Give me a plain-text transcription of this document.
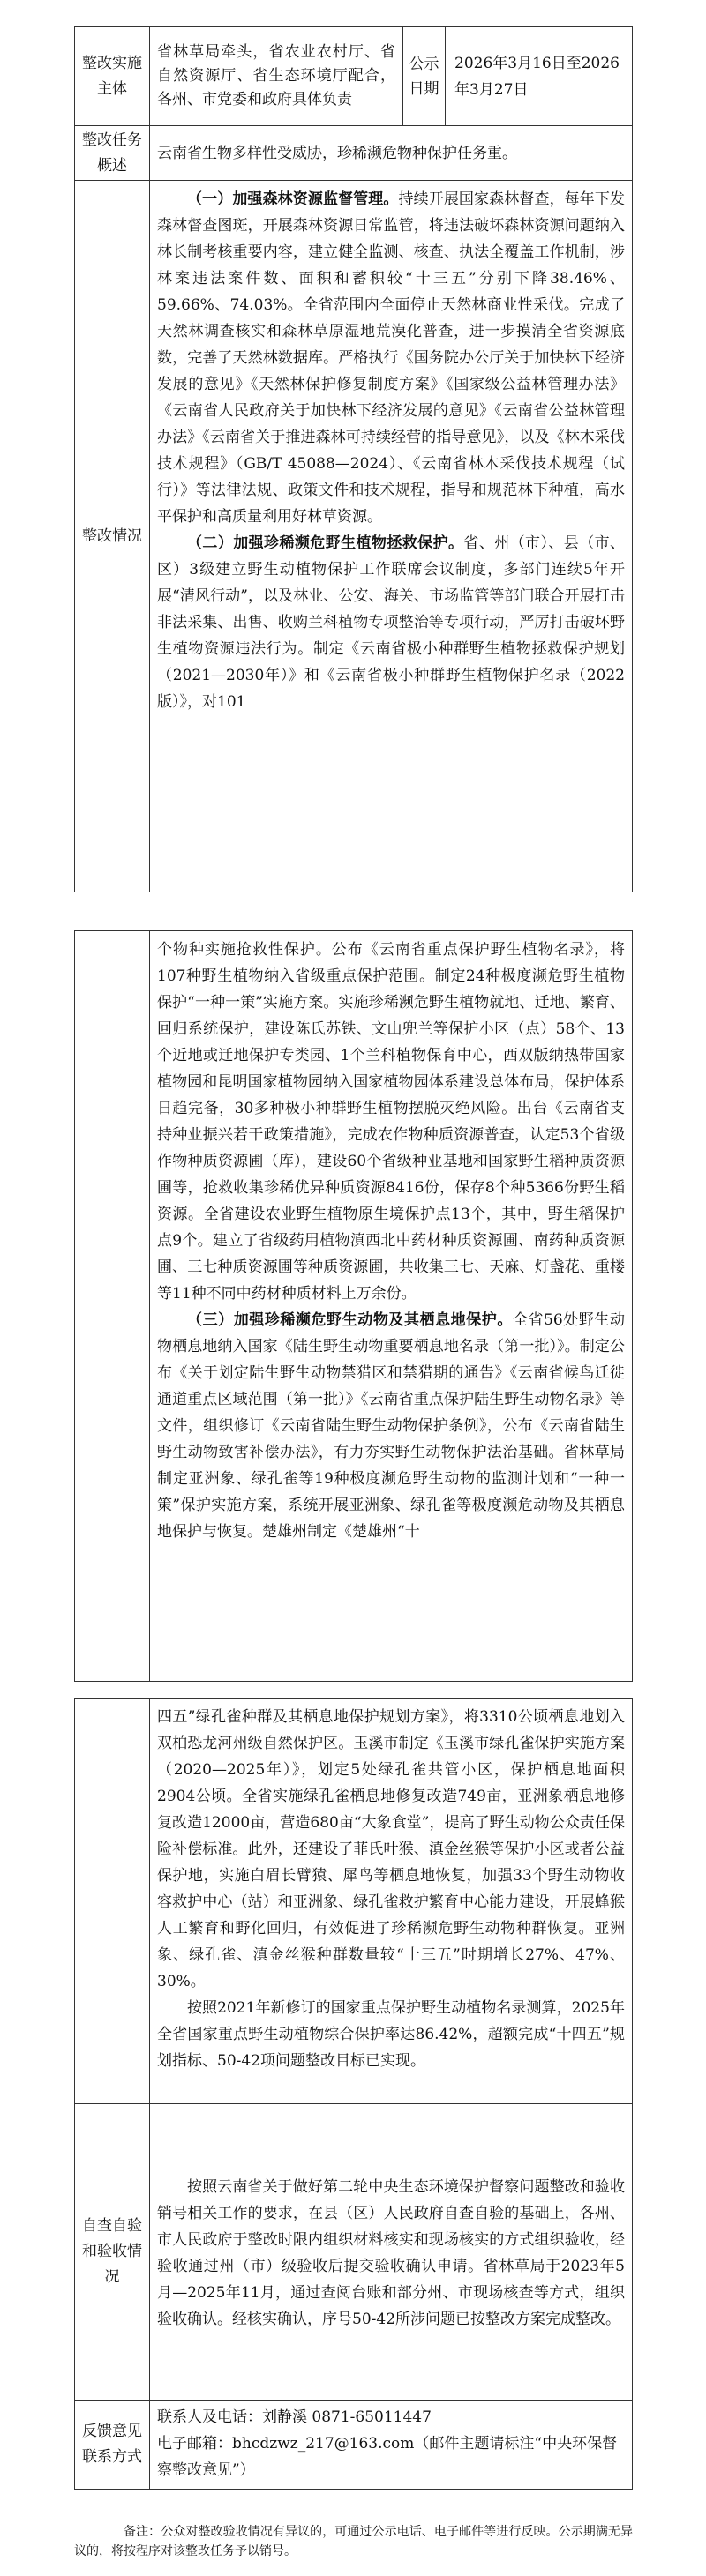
整改实施主体
省林草局牵头，省农业农村厅、省自然资源厅、省生态环境厅配合，各州、市党委和政府具体负责
公示日期
2026年3月16日至2026年3月27日
整改任务概述
云南省生物多样性受威胁，珍稀濒危物种保护任务重。
整改情况

（一）加强森林资源监督管理。持续开展国家森林督查，每年下发森林督查图斑，开展森林资源日常监管，将违法破坏森林资源问题纳入林长制考核重要内容，建立健全监测、核查、执法全覆盖工作机制，涉林案违法案件数、面积和蓄积较“十三五”分别下降38.46%、59.66%、74.03%。全省范围内全面停止天然林商业性采伐。完成了天然林调查核实和森林草原湿地荒漠化普查，进一步摸清全省资源底数，完善了天然林数据库。严格执行《国务院办公厅关于加快林下经济发展的意见》《天然林保护修复制度方案》《国家级公益林管理办法》《云南省人民政府关于加快林下经济发展的意见》《云南省公益林管理办法》《云南省关于推进森林可持续经营的指导意见》，以及《林木采伐技术规程》（GB/T 45088—2024）、《云南省林木采伐技术规程（试行）》等法律法规、政策文件和技术规程，指导和规范林下种植，高水平保护和高质量利用好林草资源。

（二）加强珍稀濒危野生植物拯救保护。省、州（市）、县（市、区）3级建立野生动植物保护工作联席会议制度，多部门连续5年开展“清风行动”，以及林业、公安、海关、市场监管等部门联合开展打击非法采集、出售、收购兰科植物专项整治等专项行动，严厉打击破坏野生植物资源违法行为。制定《云南省极小种群野生植物拯救保护规划（2021—2030年）》和《云南省极小种群野生植物保护名录（2022版）》，对101

个物种实施抢救性保护。公布《云南省重点保护野生植物名录》，将107种野生植物纳入省级重点保护范围。制定24种极度濒危野生植物保护“一种一策”实施方案。实施珍稀濒危野生植物就地、迁地、繁育、回归系统保护，建设陈氏苏铁、文山兜兰等保护小区（点）58个、13个近地或迁地保护专类园、1个兰科植物保育中心，西双版纳热带国家植物园和昆明国家植物园纳入国家植物园体系建设总体布局，保护体系日趋完备，30多种极小种群野生植物摆脱灭绝风险。出台《云南省支持种业振兴若干政策措施》，完成农作物种质资源普查，认定53个省级作物种质资源圃（库），建设60个省级种业基地和国家野生稻种质资源圃等，抢救收集珍稀优异种质资源8416份，保存8个种5366份野生稻资源。全省建设农业野生植物原生境保护点13个，其中，野生稻保护点9个。建立了省级药用植物滇西北中药材种质资源圃、南药种质资源圃、三七种质资源圃等种质资源圃，共收集三七、天麻、灯盏花、重楼等11种不同中药材种质材料上万余份。

（三）加强珍稀濒危野生动物及其栖息地保护。全省56处野生动物栖息地纳入国家《陆生野生动物重要栖息地名录（第一批）》。制定公布《关于划定陆生野生动物禁猎区和禁猎期的通告》《云南省候鸟迁徙通道重点区域范围（第一批）》《云南省重点保护陆生野生动物名录》等文件，组织修订《云南省陆生野生动物保护条例》，公布《云南省陆生野生动物致害补偿办法》，有力夯实野生动物保护法治基础。省林草局制定亚洲象、绿孔雀等19种极度濒危野生动物的监测计划和“一种一策”保护实施方案，系统开展亚洲象、绿孔雀等极度濒危动物及其栖息地保护与恢复。楚雄州制定《楚雄州“十

四五”绿孔雀种群及其栖息地保护规划方案》，将3310公顷栖息地划入双柏恐龙河州级自然保护区。玉溪市制定《玉溪市绿孔雀保护实施方案（2020—2025年）》，划定5处绿孔雀共管小区，保护栖息地面积2904公顷。全省实施绿孔雀栖息地修复改造749亩，亚洲象栖息地修复改造12000亩，营造680亩“大象食堂”，提高了野生动物公众责任保险补偿标准。此外，还建设了菲氏叶猴、滇金丝猴等保护小区或者公益保护地，实施白眉长臂猿、犀鸟等栖息地恢复，加强33个野生动物收容救护中心（站）和亚洲象、绿孔雀救护繁育中心能力建设，开展蜂猴人工繁育和野化回归，有效促进了珍稀濒危野生动物种群恢复。亚洲象、绿孔雀、滇金丝猴种群数量较“十三五”时期增长27%、47%、30%。

按照2021年新修订的国家重点保护野生动植物名录测算，2025年全省国家重点野生动植物综合保护率达86.42%，超额完成“十四五”规划指标、50-42项问题整改目标已实现。

自查自验和验收情况

按照云南省关于做好第二轮中央生态环境保护督察问题整改和验收销号相关工作的要求，在县（区）人民政府自查自验的基础上，各州、市人民政府于整改时限内组织材料核实和现场核实的方式组织验收，经验收通过州（市）级验收后提交验收确认申请。省林草局于2023年5月—2025年11月，通过查阅台账和部分州、市现场核查等方式，组织验收确认。经核实确认，序号50-42所涉问题已按整改方案完成整改。

反馈意见联系方式
联系人及电话：刘静溪 0871-65011447
电子邮箱：bhcdzwz_217@163.com（邮件主题请标注“中央环保督察整改意见”）
备注：公众对整改验收情况有异议的，可通过公示电话、电子邮件等进行反映。公示期满无异议的，将按程序对该整改任务予以销号。
